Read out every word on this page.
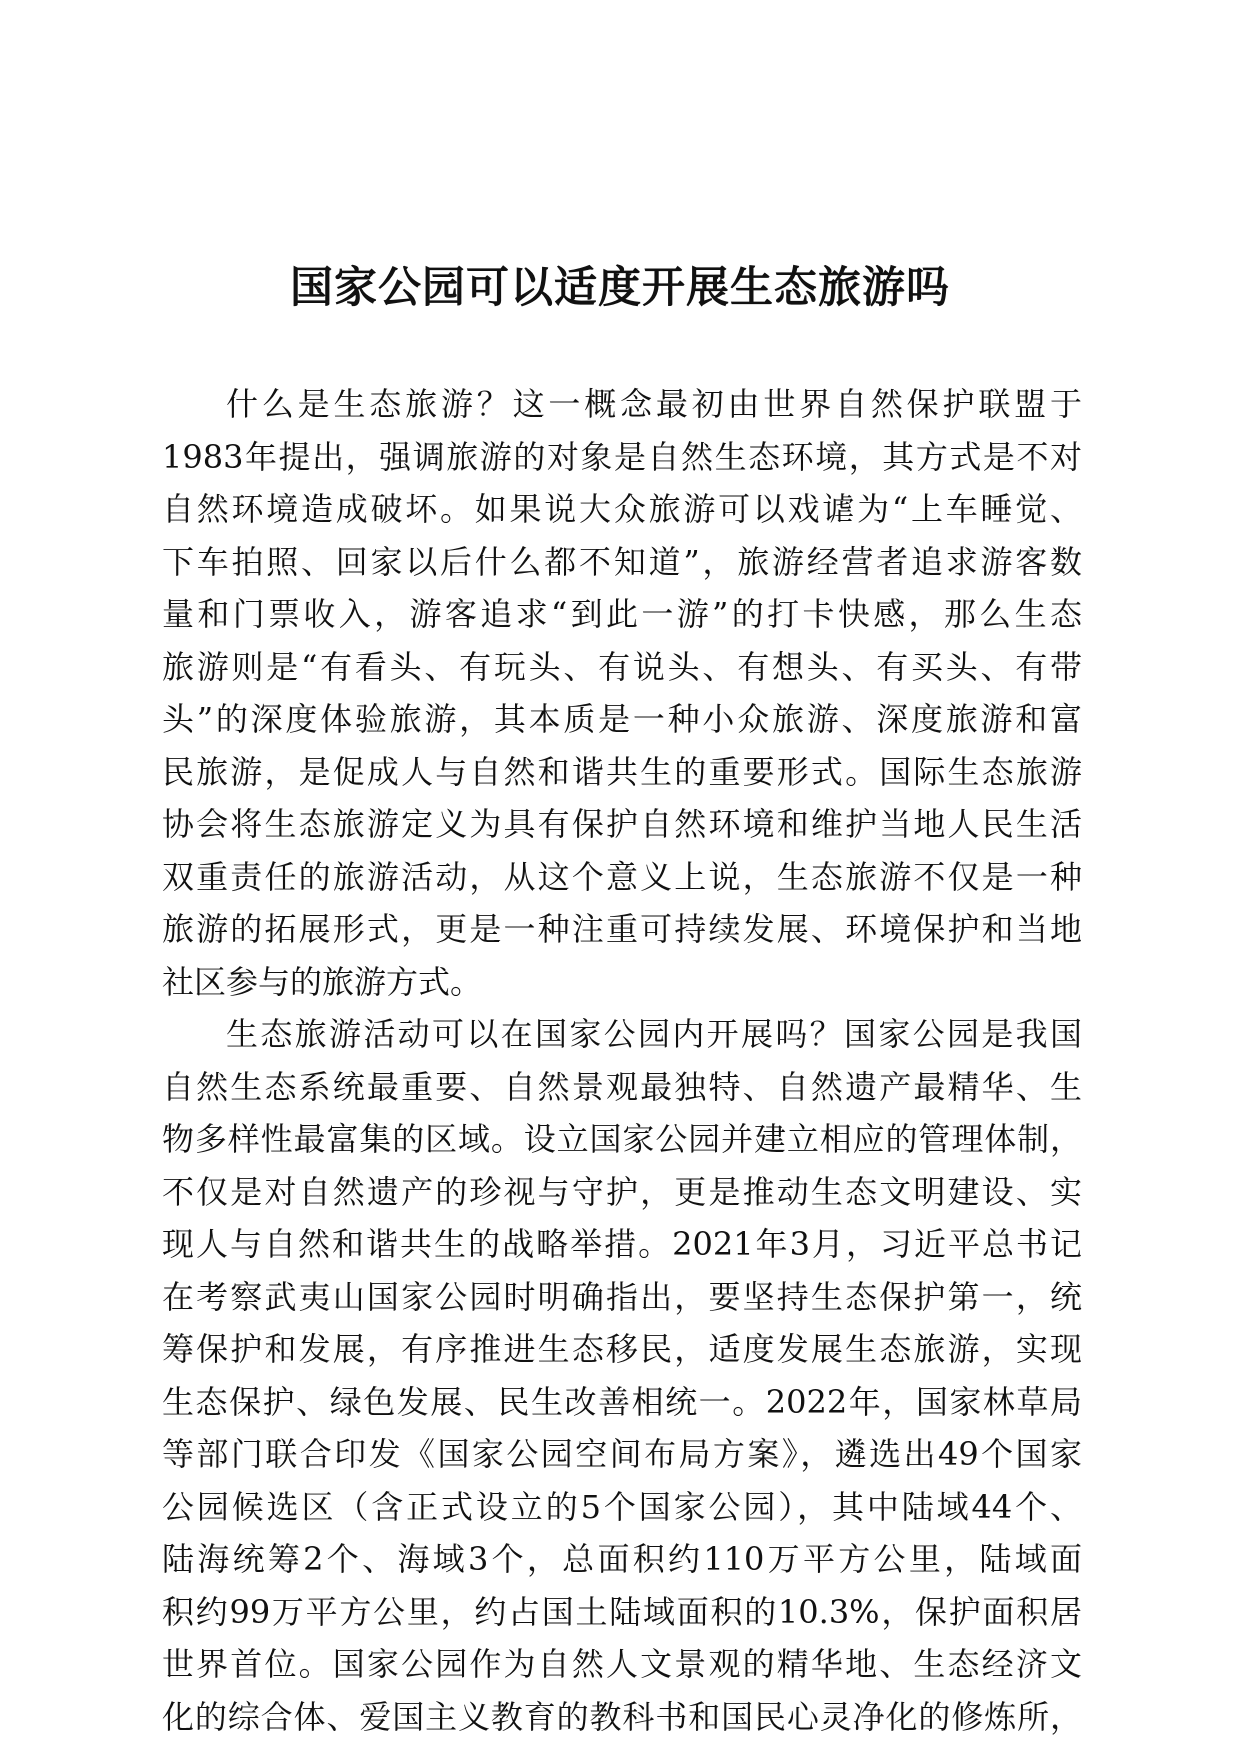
国家公园可以适度开展生态旅游吗
什么是生态旅游？这一概念最初由世界自然保护联盟于
1983年提出，强调旅游的对象是自然生态环境，其方式是不对
自然环境造成破坏。如果说大众旅游可以戏谑为“上车睡觉、
下车拍照、回家以后什么都不知道”，旅游经营者追求游客数
量和门票收入，游客追求“到此一游”的打卡快感，那么生态
旅游则是“有看头、有玩头、有说头、有想头、有买头、有带
头”的深度体验旅游，其本质是一种小众旅游、深度旅游和富
民旅游，是促成人与自然和谐共生的重要形式。国际生态旅游
协会将生态旅游定义为具有保护自然环境和维护当地人民生活
双重责任的旅游活动，从这个意义上说，生态旅游不仅是一种
旅游的拓展形式，更是一种注重可持续发展、环境保护和当地
社区参与的旅游方式。
生态旅游活动可以在国家公园内开展吗？国家公园是我国
自然生态系统最重要、自然景观最独特、自然遗产最精华、生
物多样性最富集的区域。设立国家公园并建立相应的管理体制，
不仅是对自然遗产的珍视与守护，更是推动生态文明建设、实
现人与自然和谐共生的战略举措。2021年3月，习近平总书记
在考察武夷山国家公园时明确指出，要坚持生态保护第一，统
筹保护和发展，有序推进生态移民，适度发展生态旅游，实现
生态保护、绿色发展、民生改善相统一。2022年，国家林草局
等部门联合印发《国家公园空间布局方案》，遴选出49个国家
公园候选区（含正式设立的5个国家公园），其中陆域44个、
陆海统筹2个、海域3个，总面积约110万平方公里，陆域面
积约99万平方公里，约占国土陆域面积的10.3%，保护面积居
世界首位。国家公园作为自然人文景观的精华地、生态经济文
化的综合体、爱国主义教育的教科书和国民心灵净化的修炼所，
